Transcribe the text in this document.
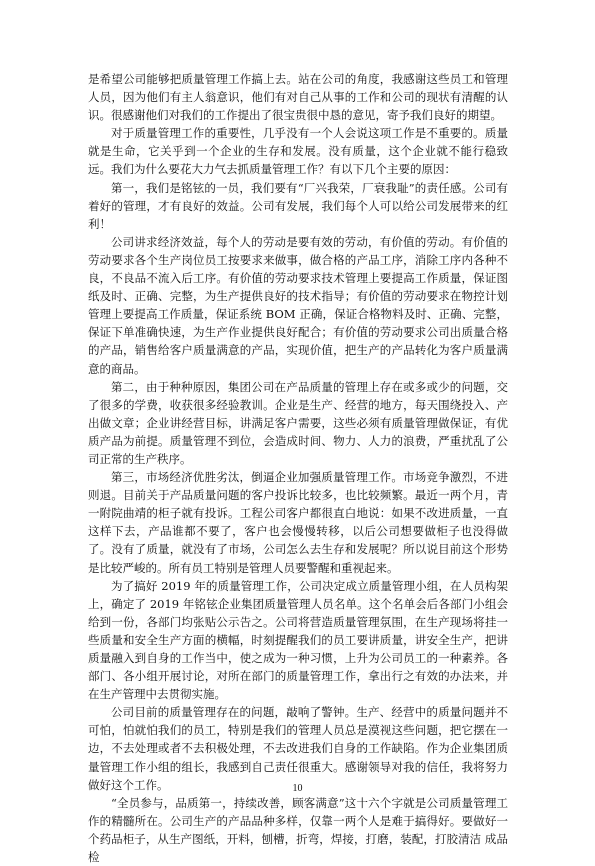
是希望公司能够把质量管理工作搞上去。站在公司的角度，我感谢这些员工和管理人员，因为他们有主人翁意识，他们有对自己从事的工作和公司的现状有清醒的认识。很感谢他们对我们的工作提出了很宝贵很中恳的意见，寄予我们良好的期望。

对于质量管理工作的重要性，几乎没有一个人会说这项工作是不重要的。质量就是生命，它关乎到一个企业的生存和发展。没有质量，这个企业就不能行稳致远。我们为什么要花大力气去抓质量管理工作？有以下几个主要的原因：

第一，我们是铭铉的一员，我们要有“厂兴我荣，厂衰我耻”的责任感。公司有着好的管理，才有良好的效益。公司有发展，我们每个人可以给公司发展带来的红利！

公司讲求经济效益，每个人的劳动是要有效的劳动，有价值的劳动。有价值的劳动要求各个生产岗位员工按要求来做事，做合格的产品工序，消除工序内各种不良，不良品不流入后工序。有价值的劳动要求技术管理上要提高工作质量，保证图纸及时、正确、完整，为生产提供良好的技术指导；有价值的劳动要求在物控计划管理上要提高工作质量，保证系统 BOM 正确，保证合格物料及时、正确、完整，保证下单准确快速，为生产作业提供良好配合；有价值的劳动要求公司出质量合格的产品，销售给客户质量满意的产品，实现价值，把生产的产品转化为客户质量满意的商品。

第二，由于种种原因，集团公司在产品质量的管理上存在或多或少的问题，交了很多的学费，收获很多经验教训。企业是生产、经营的地方，每天围绕投入、产出做文章；企业讲经营目标，讲满足客户需要，这些必须有质量管理做保证，有优质产品为前提。质量管理不到位，会造成时间、物力、人力的浪费，严重扰乱了公司正常的生产秩序。

第三，市场经济优胜劣汰，倒逼企业加强质量管理工作。市场竞争激烈，不进则退。目前关于产品质量问题的客户投诉比较多，也比较频繁。最近一两个月，青一附院曲靖的柜子就有投诉。工程公司客户都很直白地说：如果不改进质量，一直这样下去，产品谁都不要了，客户也会慢慢转移，以后公司想要做柜子也没得做了。没有了质量，就没有了市场，公司怎么去生存和发展呢？所以说目前这个形势是比较严峻的。所有员工特别是管理人员要警醒和重视起来。

为了搞好 2019 年的质量管理工作，公司决定成立质量管理小组，在人员构架上，确定了 2019 年铭铉企业集团质量管理人员名单。这个名单会后各部门小组会给到一份，各部门均张贴公示告之。公司将营造质量管理氛围，在生产现场将挂一些质量和安全生产方面的横幅，时刻提醒我们的员工要讲质量，讲安全生产，把讲质量融入到自身的工作当中，使之成为一种习惯，上升为公司员工的一种素养。各部门、各小组开展讨论，对所在部门的质量管理工作，拿出行之有效的办法来，并在生产管理中去贯彻实施。

公司目前的质量管理存在的问题，敲响了警钟。生产、经营中的质量问题并不可怕，怕就怕我们的员工，特别是我们的管理人员总是漠视这些问题，把它摆在一边，不去处理或者不去积极处理，不去改进我们自身的工作缺陷。作为企业集团质量管理工作小组的组长，我感到自己责任很重大。感谢领导对我的信任，我将努力做好这个工作。

“全员参与，品质第一，持续改善，顾客满意”这十六个字就是公司质量管理工作的精髓所在。公司生产的产品品种多样，仅靠一两个人是难于搞得好。要做好一个药品柜子，从生产图纸，开料，刨槽，折弯，焊接，打磨，装配，打胶清洁 成品检

10
